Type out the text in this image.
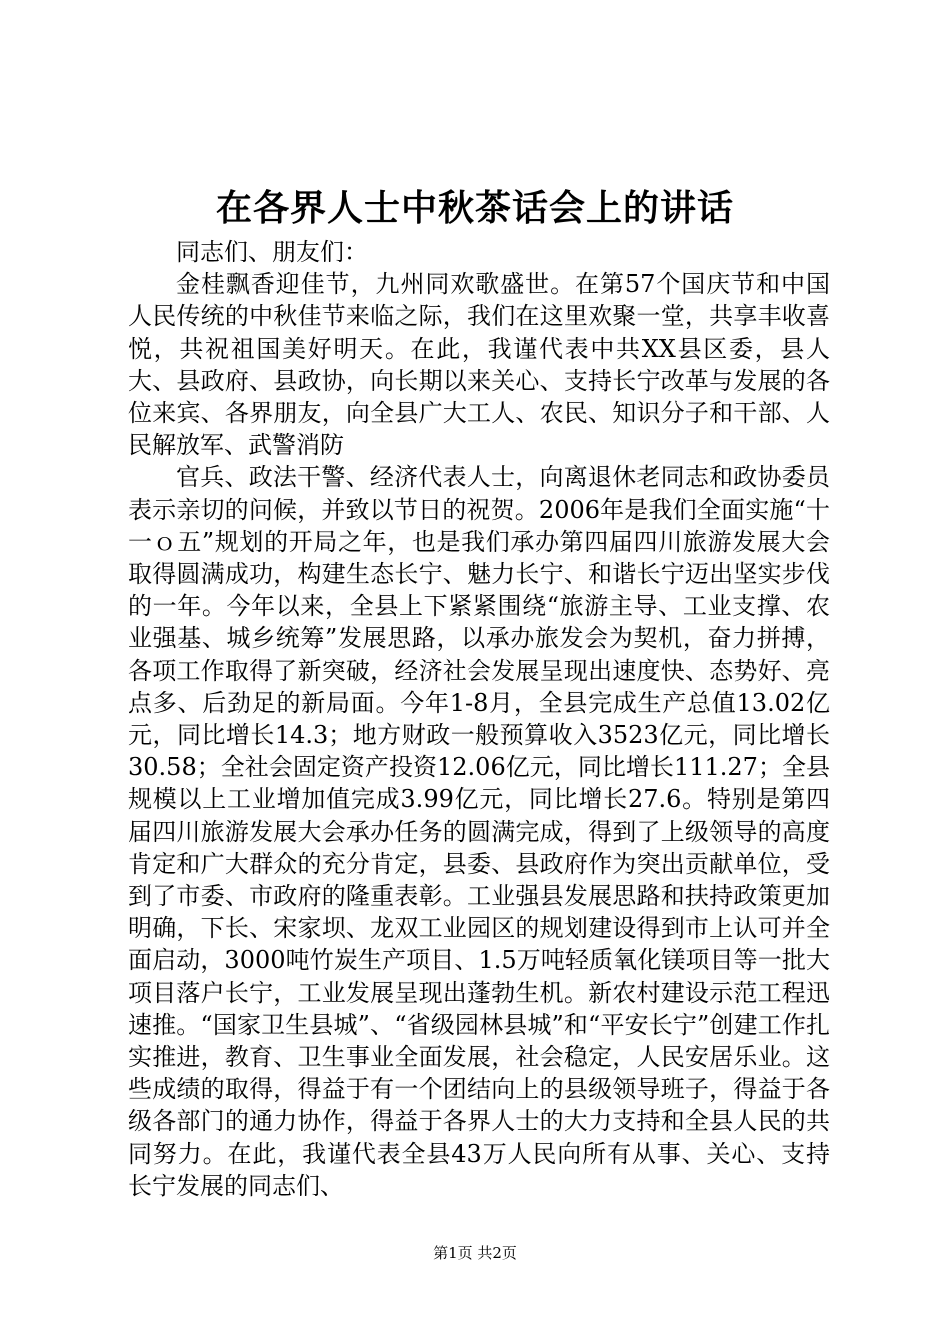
在各界人士中秋茶话会上的讲话

同志们、朋友们：

金桂飘香迎佳节，九州同欢歌盛世。在第57个国庆节和中国人民传统的中秋佳节来临之际，我们在这里欢聚一堂，共享丰收喜悦，共祝祖国美好明天。在此，我谨代表中共XX县区委，县人大、县政府、县政协，向长期以来关心、支持长宁改革与发展的各位来宾、各界朋友，向全县广大工人、农民、知识分子和干部、人民解放军、武警消防

官兵、政法干警、经济代表人士，向离退休老同志和政协委员表示亲切的问候，并致以节日的祝贺。2006年是我们全面实施“十一ｏ五”规划的开局之年，也是我们承办第四届四川旅游发展大会取得圆满成功，构建生态长宁、魅力长宁、和谐长宁迈出坚实步伐的一年。今年以来，全县上下紧紧围绕“旅游主导、工业支撑、农业强基、城乡统筹”发展思路，以承办旅发会为契机，奋力拼搏，各项工作取得了新突破，经济社会发展呈现出速度快、态势好、亮点多、后劲足的新局面。今年1-8月，全县完成生产总值13.02亿元，同比增长14.3；地方财政一般预算收入3523亿元，同比增长30.58；全社会固定资产投资12.06亿元，同比增长111.27；全县规模以上工业增加值完成3.99亿元，同比增长27.6。特别是第四届四川旅游发展大会承办任务的圆满完成，得到了上级领导的高度肯定和广大群众的充分肯定，县委、县政府作为突出贡献单位，受到了市委、市政府的隆重表彰。工业强县发展思路和扶持政策更加明确，下长、宋家坝、龙双工业园区的规划建设得到市上认可并全面启动，3000吨竹炭生产项目、1.5万吨轻质氧化镁项目等一批大项目落户长宁，工业发展呈现出蓬勃生机。新农村建设示范工程迅速推。“国家卫生县城”、“省级园林县城”和“平安长宁”创建工作扎实推进，教育、卫生事业全面发展，社会稳定，人民安居乐业。这些成绩的取得，得益于有一个团结向上的县级领导班子，得益于各级各部门的通力协作，得益于各界人士的大力支持和全县人民的共同努力。在此，我谨代表全县43万人民向所有从事、关心、支持长宁发展的同志们、

第1页 共2页
